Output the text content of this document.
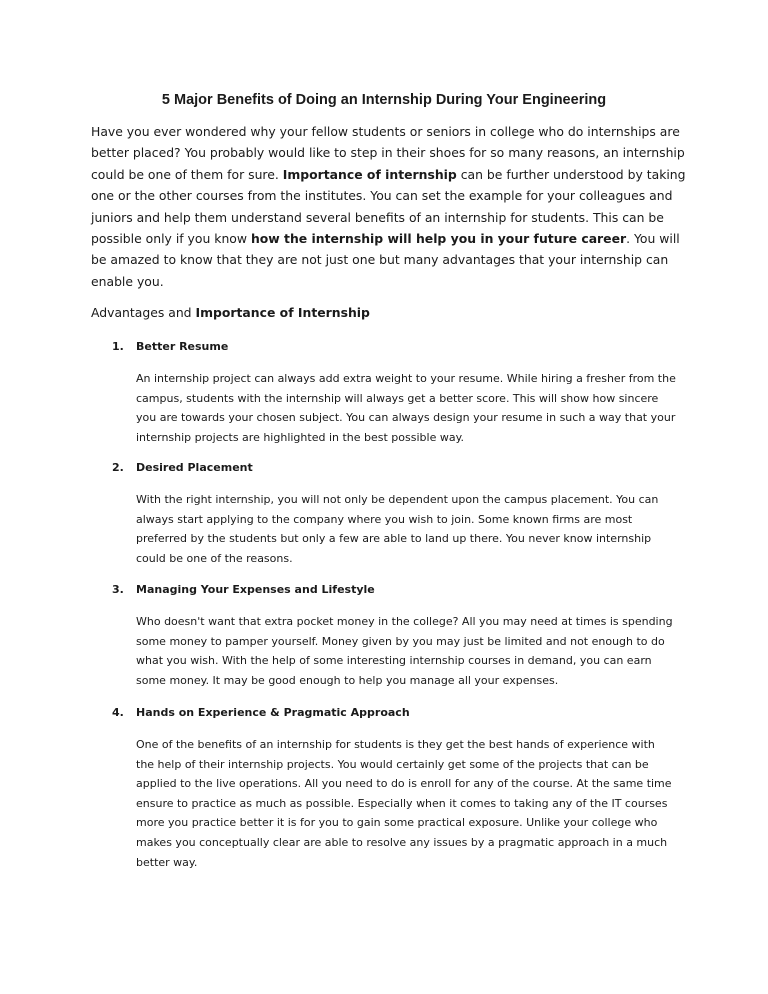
5 Major Benefits of Doing an Internship During Your Engineering

Have you ever wondered why your fellow students or seniors in college who do internships are better placed? You probably would like to step in their shoes for so many reasons, an internship could be one of them for sure. Importance of internship can be further understood by taking one or the other courses from the institutes. You can set the example for your colleagues and juniors and help them understand several benefits of an internship for students. This can be possible only if you know how the internship will help you in your future career. You will be amazed to know that they are not just one but many advantages that your internship can enable you.

Advantages and Importance of Internship

1. Better Resume

An internship project can always add extra weight to your resume. While hiring a fresher from the campus, students with the internship will always get a better score. This will show how sincere you are towards your chosen subject. You can always design your resume in such a way that your internship projects are highlighted in the best possible way.

2. Desired Placement

With the right internship, you will not only be dependent upon the campus placement. You can always start applying to the company where you wish to join. Some known firms are most preferred by the students but only a few are able to land up there. You never know internship could be one of the reasons.

3. Managing Your Expenses and Lifestyle

Who doesn't want that extra pocket money in the college? All you may need at times is spending some money to pamper yourself. Money given by you may just be limited and not enough to do what you wish. With the help of some interesting internship courses in demand, you can earn some money. It may be good enough to help you manage all your expenses.

4. Hands on Experience & Pragmatic Approach

One of the benefits of an internship for students is they get the best hands of experience with the help of their internship projects. You would certainly get some of the projects that can be applied to the live operations. All you need to do is enroll for any of the course. At the same time ensure to practice as much as possible. Especially when it comes to taking any of the IT courses more you practice better it is for you to gain some practical exposure. Unlike your college who makes you conceptually clear are able to resolve any issues by a pragmatic approach in a much better way.
